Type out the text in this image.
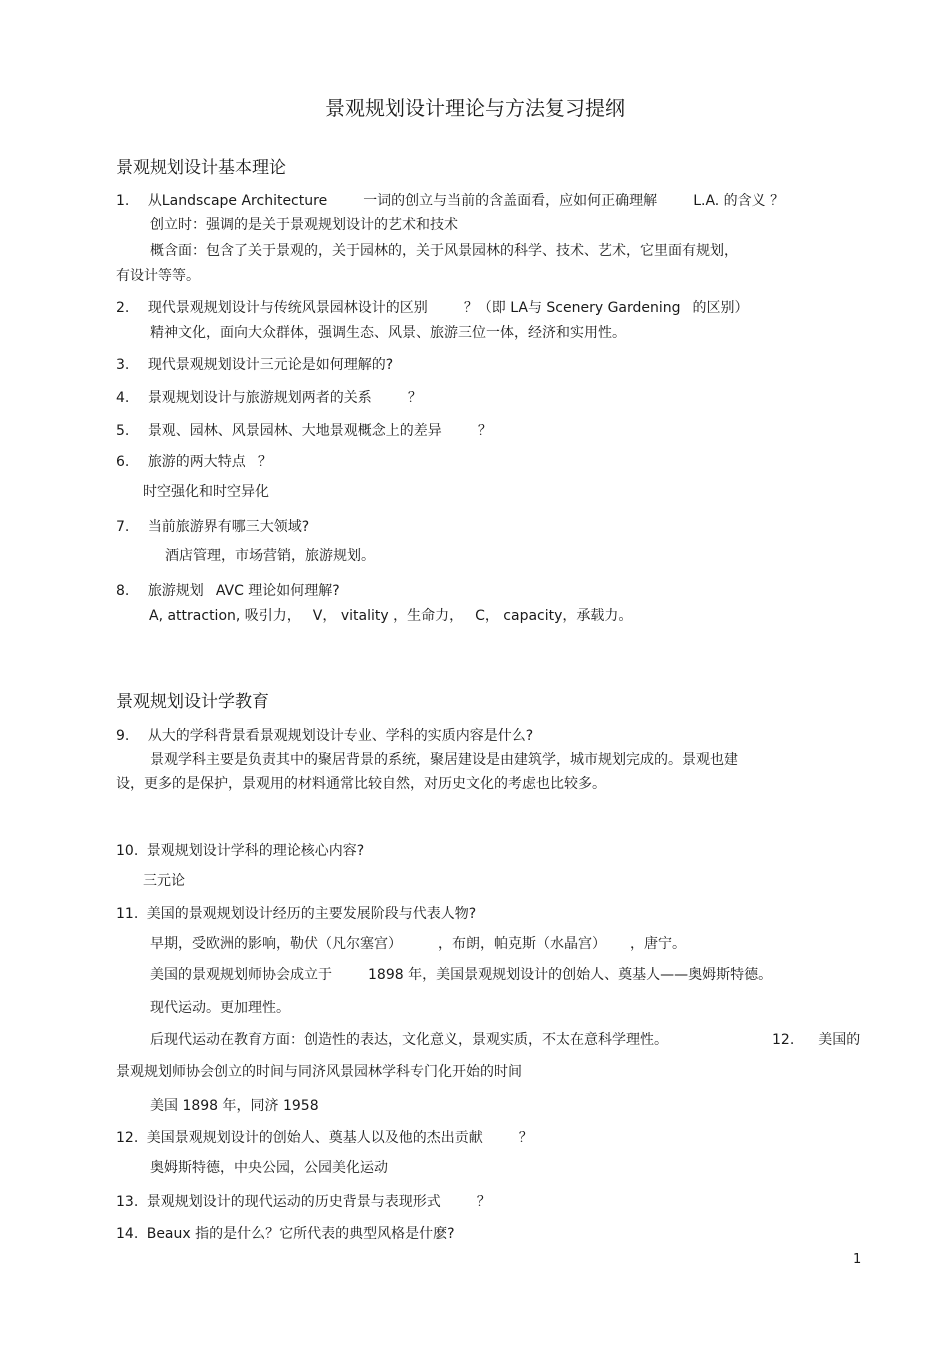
景观规划设计理论与方法复习提纲
景观规划设计基本理论
1. 从Landscape Architecture	一词的创立与当前的含盖面看，应如何正确理解	L.A. 的含义 ？
创立时：强调的是关于景观规划设计的艺术和技术
概含面：包含了关于景观的，关于园林的，关于风景园林的科学、技术、艺术，它里面有规划，
有设计等等。
2. 现代景观规划设计与传统风景园林设计的区别	？（即 LA与 Scenery Gardening 的区别）
精神文化，面向大众群体，强调生态、风景、旅游三位一体，经济和实用性。
3. 现代景观规划设计三元论是如何理解的?
4. 景观规划设计与旅游规划两者的关系	？
5. 景观、园林、风景园林、大地景观概念上的差异	？
6. 旅游的两大特点 ？
时空强化和时空异化
7. 当前旅游界有哪三大领域?
酒店管理，市场营销，旅游规划。
8. 旅游规划 AVC 理论如何理解?
A, attraction, 吸引力， V， vitality ，生命力， C， capacity，承载力。
景观规划设计学教育
9. 从大的学科背景看景观规划设计专业、学科的实质内容是什么?
景观学科主要是负责其中的聚居背景的系统，聚居建设是由建筑学，城市规划完成的。景观也建
设，更多的是保护，景观用的材料通常比较自然，对历史文化的考虑也比较多。
10. 景观规划设计学科的理论核心内容?
三元论
11. 美国的景观规划设计经历的主要发展阶段与代表人物?
早期，受欧洲的影响，勒伏（凡尔塞宫）	，布朗，帕克斯（水晶宫） ，唐宁。
美国的景观规划师协会成立于	1898 年，美国景观规划设计的创始人、奠基人——奥姆斯特德。
现代运动。更加理性。
后现代运动在教育方面：创造性的表达，文化意义，景观实质，不太在意科学理性。	12. 美国的
景观规划师协会创立的时间与同济风景园林学科专门化开始的时间
美国 1898 年，同济 1958
12. 美国景观规划设计的创始人、奠基人以及他的杰出贡献	？
奥姆斯特德，中央公园，公园美化运动
13. 景观规划设计的现代运动的历史背景与表现形式	？
14. Beaux 指的是什么？它所代表的典型风格是什麽?
1
